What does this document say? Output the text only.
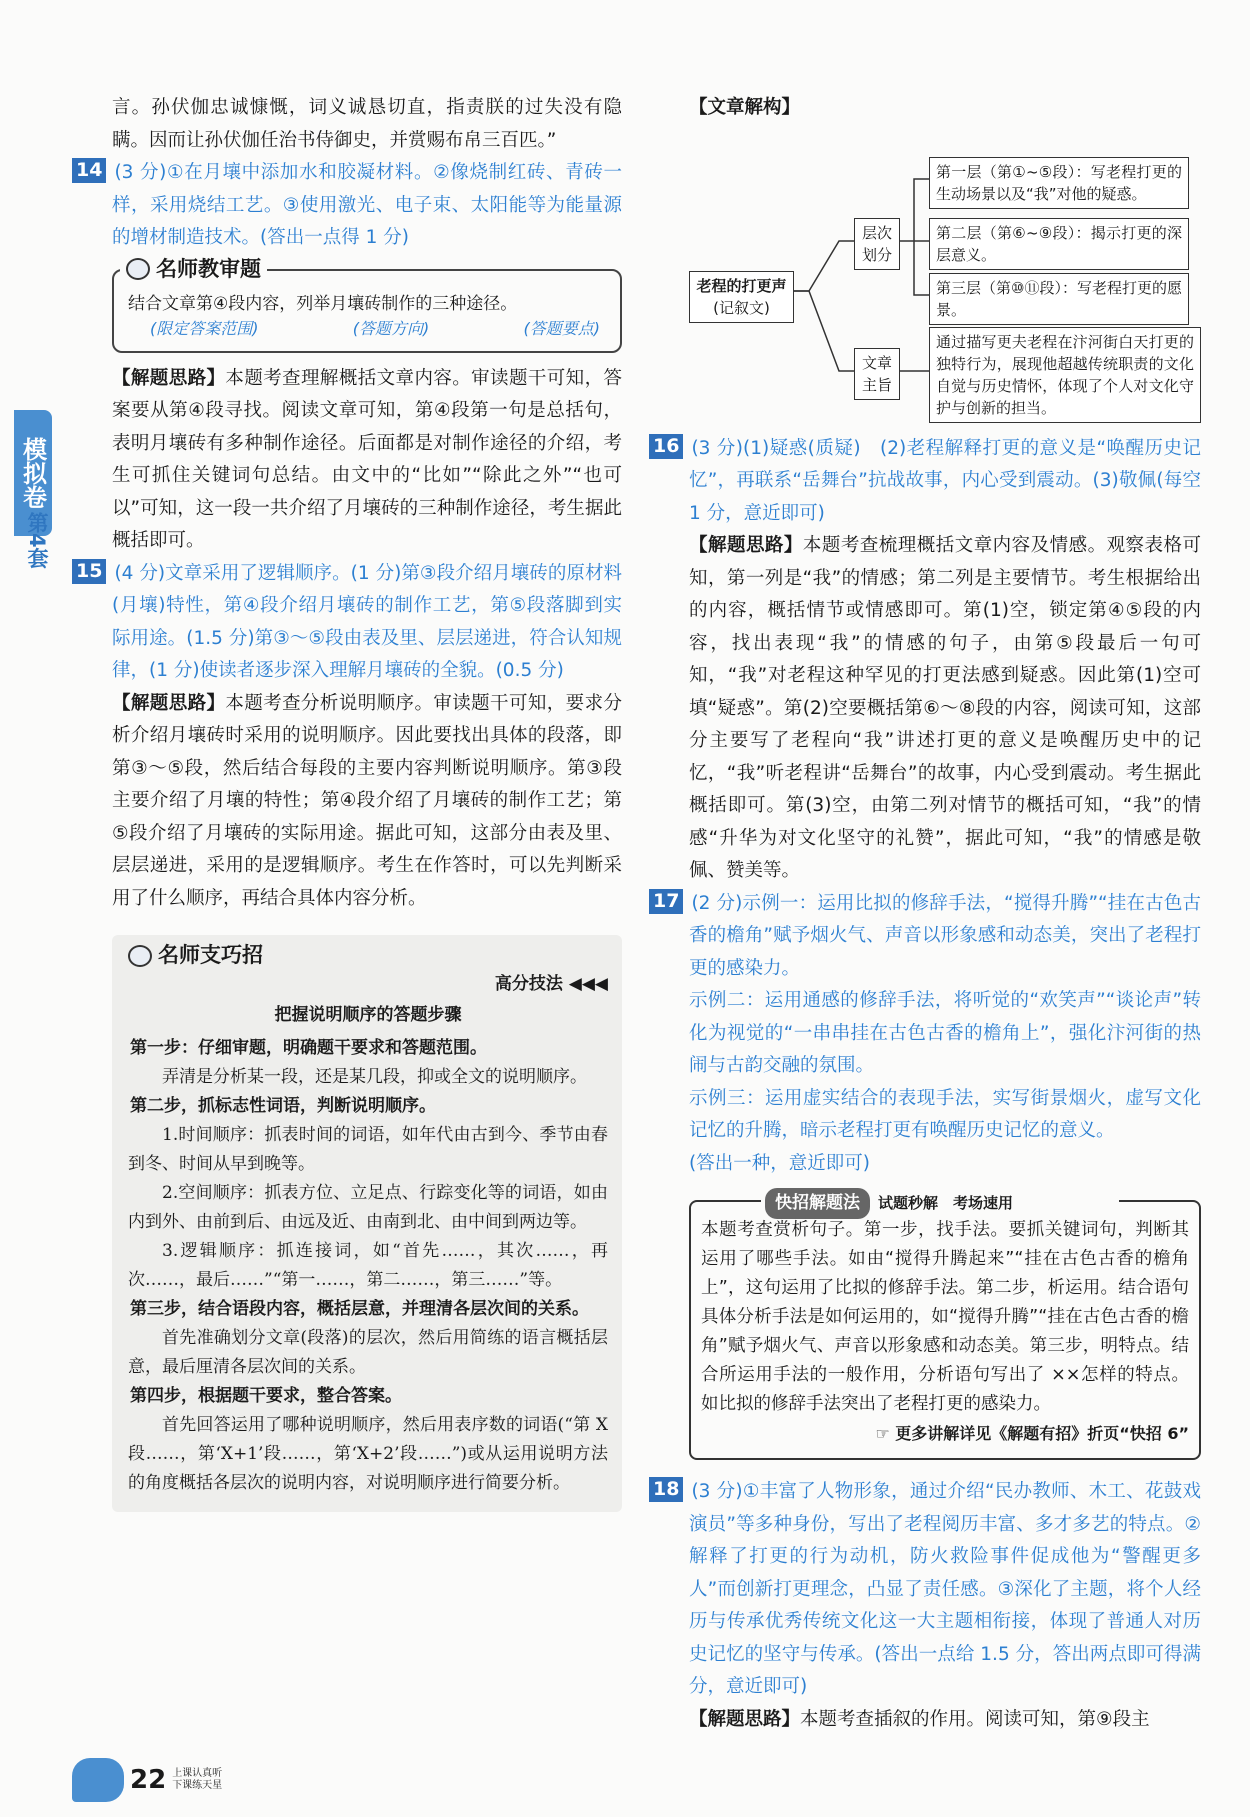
模拟卷
第4套

言。孙伏伽忠诚慷慨，词义诚恳切直，指责朕的过失没有隐瞒。因而让孙伏伽任治书侍御史，并赏赐布帛三百匹。”

14 (3 分)①在月壤中添加水和胶凝材料。②像烧制红砖、青砖一样，采用烧结工艺。③使用激光、电子束、太阳能等为能量源的增材制造技术。(答出一点得 1 分)

名师教审题
结合文章第④段内容，列举月壤砖制作的三种途径。
(限定答案范围)	(答题方向)	(答题要点)

【解题思路】本题考查理解概括文章内容。审读题干可知，答案要从第④段寻找。阅读文章可知，第④段第一句是总括句，表明月壤砖有多种制作途径。后面都是对制作途径的介绍，考生可抓住关键词句总结。由文中的“比如”“除此之外”“也可以”可知，这一段一共介绍了月壤砖的三种制作途径，考生据此概括即可。

15 (4 分)文章采用了逻辑顺序。(1 分)第③段介绍月壤砖的原材料(月壤)特性，第④段介绍月壤砖的制作工艺，第⑤段落脚到实际用途。(1.5 分)第③～⑤段由表及里、层层递进，符合认知规律，(1 分)使读者逐步深入理解月壤砖的全貌。(0.5 分)

【解题思路】本题考查分析说明顺序。审读题干可知，要求分析介绍月壤砖时采用的说明顺序。因此要找出具体的段落，即第③～⑤段，然后结合每段的主要内容判断说明顺序。第③段主要介绍了月壤的特性；第④段介绍了月壤砖的制作工艺；第⑤段介绍了月壤砖的实际用途。据此可知，这部分由表及里、层层递进，采用的是逻辑顺序。考生在作答时，可以先判断采用了什么顺序，再结合具体内容分析。

名师支巧招
高分技法 ◀◀◀
把握说明顺序的答题步骤
第一步：仔细审题，明确题干要求和答题范围。
弄清是分析某一段，还是某几段，抑或全文的说明顺序。
第二步，抓标志性词语，判断说明顺序。
1.时间顺序：抓表时间的词语，如年代由古到今、季节由春到冬、时间从早到晚等。
2.空间顺序：抓表方位、立足点、行踪变化等的词语，如由内到外、由前到后、由远及近、由南到北、由中间到两边等。
3.逻辑顺序：抓连接词，如“首先……，其次……，再次……，最后……”“第一……，第二……，第三……”等。
第三步，结合语段内容，概括层意，并理清各层次间的关系。
首先准确划分文章(段落)的层次，然后用简练的语言概括层意，最后厘清各层次间的关系。
第四步，根据题干要求，整合答案。
首先回答运用了哪种说明顺序，然后用表序数的词语(“第 X 段……，第‘X+1’段……，第‘X+2’段……”)或从运用说明方法的角度概括各层次的说明内容，对说明顺序进行简要分析。
【文章解构】
老程的打更声
(记叙文)
层次划分
文章主旨
第一层（第①~⑤段）：写老程打更的生动场景以及“我”对他的疑惑。
第二层（第⑥~⑨段）：揭示打更的深层意义。
第三层（第⑩⑪段）：写老程打更的愿景。
通过描写更夫老程在汴河街白天打更的独特行为，展现他超越传统职责的文化自觉与历史情怀，体现了个人对文化守护与创新的担当。

16 (3 分)(1)疑惑(质疑)　(2)老程解释打更的意义是“唤醒历史记忆”，再联系“岳舞台”抗战故事，内心受到震动。(3)敬佩(每空 1 分，意近即可)

【解题思路】本题考查梳理概括文章内容及情感。观察表格可知，第一列是“我”的情感；第二列是主要情节。考生根据给出的内容，概括情节或情感即可。第(1)空，锁定第④⑤段的内容，找出表现“我”的情感的句子，由第⑤段最后一句可知，“我”对老程这种罕见的打更法感到疑惑。因此第(1)空可填“疑惑”。第(2)空要概括第⑥～⑧段的内容，阅读可知，这部分主要写了老程向“我”讲述打更的意义是唤醒历史中的记忆，“我”听老程讲“岳舞台”的故事，内心受到震动。考生据此概括即可。第(3)空，由第二列对情节的概括可知，“我”的情感“升华为对文化坚守的礼赞”，据此可知，“我”的情感是敬佩、赞美等。

17 (2 分)示例一：运用比拟的修辞手法，“搅得升腾”“挂在古色古香的檐角”赋予烟火气、声音以形象感和动态美，突出了老程打更的感染力。

示例二：运用通感的修辞手法，将听觉的“欢笑声”“谈论声”转化为视觉的“一串串挂在古色古香的檐角上”，强化汴河街的热闹与古韵交融的氛围。

示例三：运用虚实结合的表现手法，实写街景烟火，虚写文化记忆的升腾，暗示老程打更有唤醒历史记忆的意义。

(答出一种，意近即可)

快招解题法	试题秒解　考场速用
本题考查赏析句子。第一步，找手法。要抓关键词句，判断其运用了哪些手法。如由“搅得升腾起来”“挂在古色古香的檐角上”，这句运用了比拟的修辞手法。第二步，析运用。结合语句具体分析手法是如何运用的，如“搅得升腾”“挂在古色古香的檐角”赋予烟火气、声音以形象感和动态美。第三步，明特点。结合所运用手法的一般作用，分析语句写出了 ××怎样的特点。如比拟的修辞手法突出了老程打更的感染力。
☞ 更多讲解详见《解题有招》折页“快招 6”

18 (3 分)①丰富了人物形象，通过介绍“民办教师、木工、花鼓戏演员”等多种身份，写出了老程阅历丰富、多才多艺的特点。②解释了打更的行为动机，防火救险事件促成他为“警醒更多人”而创新打更理念，凸显了责任感。③深化了主题，将个人经历与传承优秀传统文化这一大主题相衔接，体现了普通人对历史记忆的坚守与传承。(答出一点给 1.5 分，答出两点即可得满分，意近即可)

【解题思路】本题考查插叙的作用。阅读可知，第⑨段主

22 上课认真听
下课练天星
